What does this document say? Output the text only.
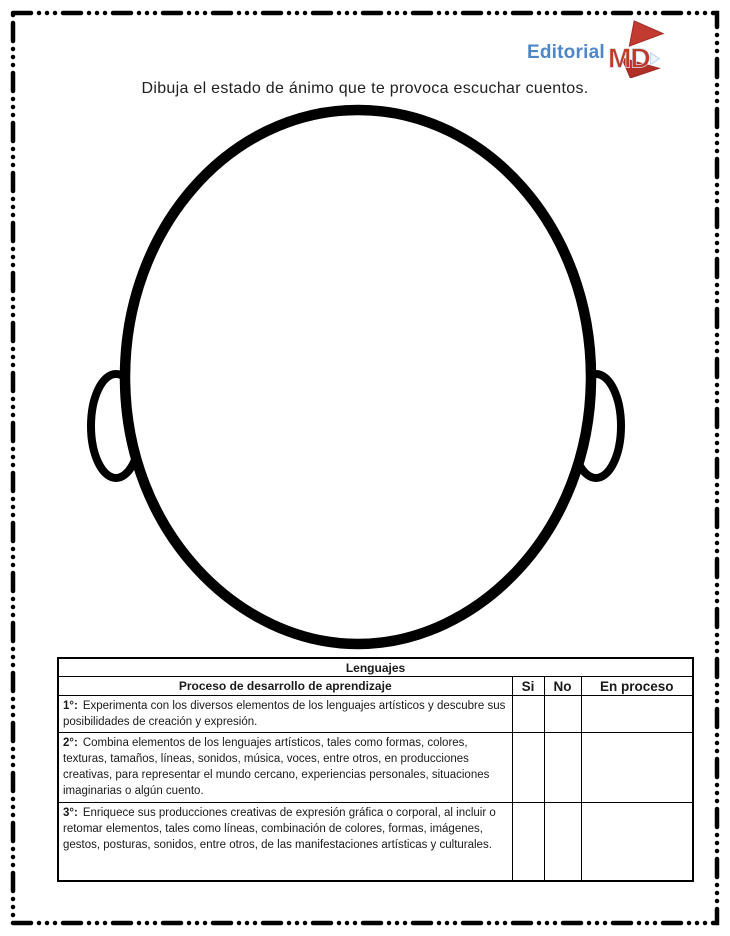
Editorial MD
Dibuja el estado de ánimo que te provoca escuchar cuentos.
Lenguajes			
Proceso de desarrollo de aprendizaje	Si	No	En proceso
1°: Experimenta con los diversos elementos de los lenguajes artísticos y descubre sus posibilidades de creación y expresión.			
2°: Combina elementos de los lenguajes artísticos, tales como formas, colores, texturas, tamaños, líneas, sonidos, música, voces, entre otros, en producciones creativas, para representar el mundo cercano, experiencias personales, situaciones imaginarias o algún cuento.			
3°: Enriquece sus producciones creativas de expresión gráfica o corporal, al incluir o retomar elementos, tales como líneas, combinación de colores, formas, imágenes, gestos, posturas, sonidos, entre otros, de las manifestaciones artísticas y culturales.			
